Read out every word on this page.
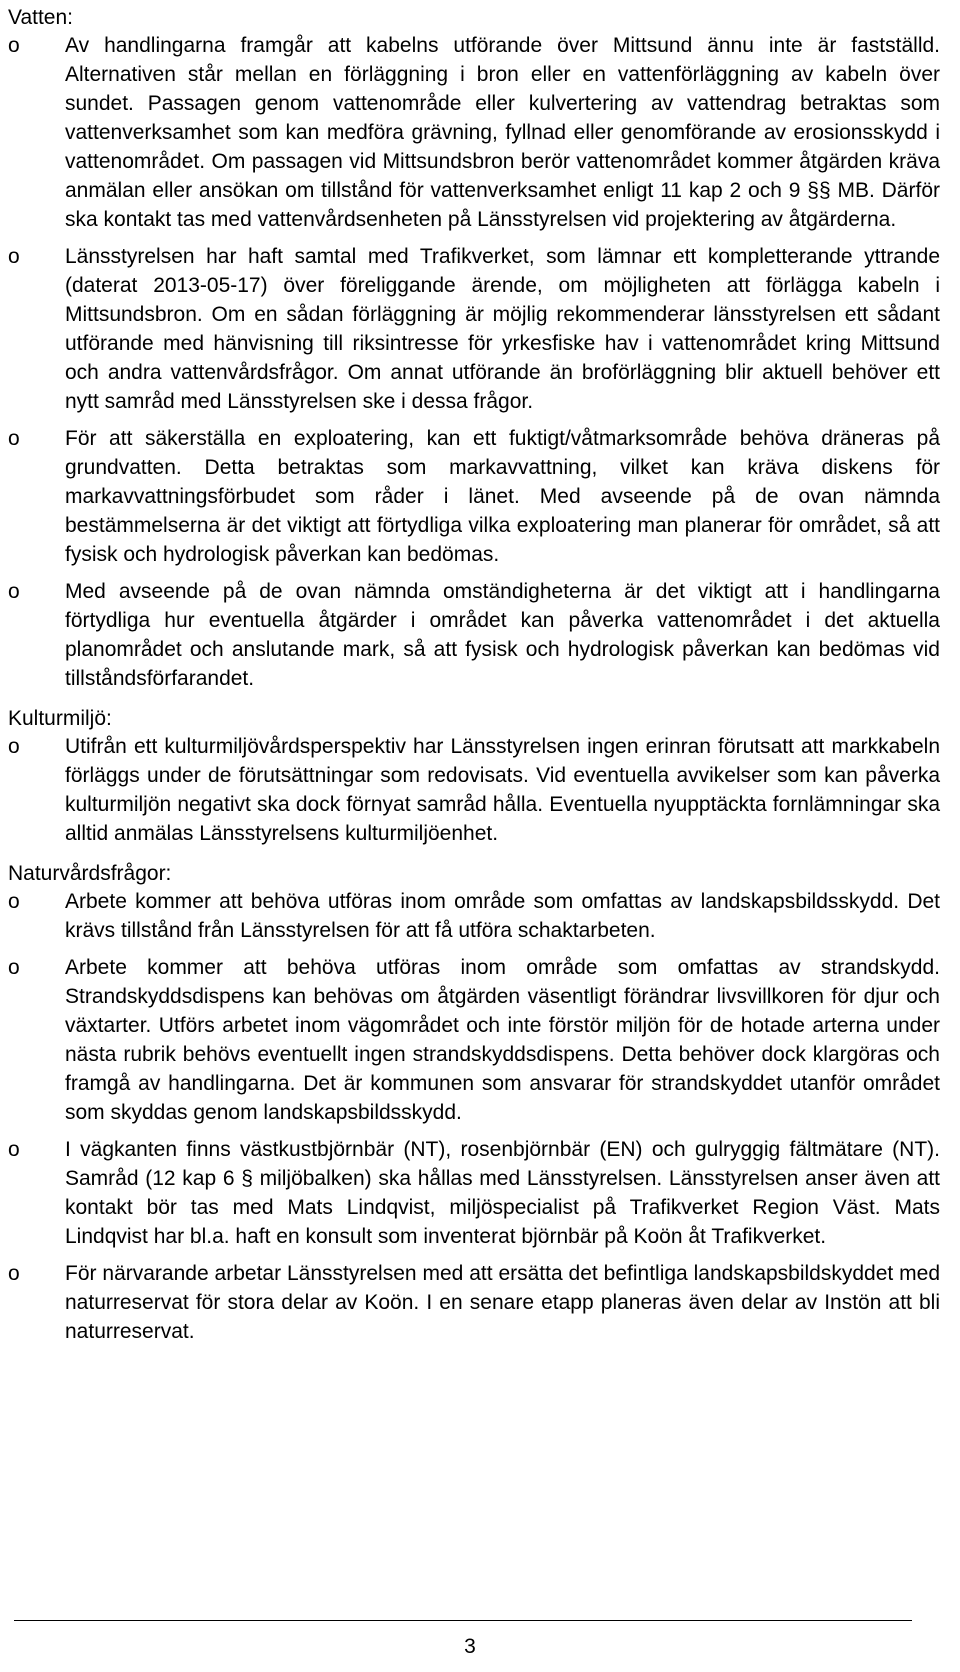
Vatten:
o	Av handlingarna framgår att kabelns utförande över Mittsund ännu inte är fastställd. Alternativen står mellan en förläggning i bron eller en vattenförläggning av kabeln över sundet. Passagen genom vattenområde eller kulvertering av vattendrag betraktas som vattenverksamhet som kan medföra grävning, fyllnad eller genomförande av erosionsskydd i vattenområdet. Om passagen vid Mittsundsbron berör vattenområdet kommer åtgärden kräva anmälan eller ansökan om tillstånd för vattenverksamhet enligt 11 kap 2 och 9 §§ MB. Därför ska kontakt tas med vattenvårdsenheten på Länsstyrelsen vid projektering av åtgärderna.
o	Länsstyrelsen har haft samtal med Trafikverket, som lämnar ett kompletterande yttrande (daterat 2013-05-17) över föreliggande ärende, om möjligheten att förlägga kabeln i Mittsundsbron. Om en sådan förläggning är möjlig rekommenderar länsstyrelsen ett sådant utförande med hänvisning till riksintresse för yrkesfiske hav i vattenområdet kring Mittsund och andra vattenvårdsfrågor. Om annat utförande än broförläggning blir aktuell behöver ett nytt samråd med Länsstyrelsen ske i dessa frågor.
o	För att säkerställa en exploatering, kan ett fuktigt/våtmarksområde behöva dräneras på grundvatten. Detta betraktas som markavvattning, vilket kan kräva diskens för markavvattningsförbudet som råder i länet. Med avseende på de ovan nämnda bestämmelserna är det viktigt att förtydliga vilka exploatering man planerar för området, så att fysisk och hydrologisk påverkan kan bedömas.
o	Med avseende på de ovan nämnda omständigheterna är det viktigt att i handlingarna förtydliga hur eventuella åtgärder i området kan påverka vattenområdet i det aktuella planområdet och anslutande mark, så att fysisk och hydrologisk påverkan kan bedömas vid tillståndsförfarandet.
Kulturmiljö:
o	Utifrån ett kulturmiljövårdsperspektiv har Länsstyrelsen ingen erinran förutsatt att markkabeln förläggs under de förutsättningar som redovisats. Vid eventuella avvikelser som kan påverka kulturmiljön negativt ska dock förnyat samråd hålla. Eventuella nyupptäckta fornlämningar ska alltid anmälas Länsstyrelsens kulturmiljöenhet.
Naturvårdsfrågor:
o	Arbete kommer att behöva utföras inom område som omfattas av landskapsbildsskydd. Det krävs tillstånd från Länsstyrelsen för att få utföra schaktarbeten.
o	Arbete kommer att behöva utföras inom område som omfattas av strandskydd. Strandskyddsdispens kan behövas om åtgärden väsentligt förändrar livsvillkoren för djur och växtarter. Utförs arbetet inom vägområdet och inte förstör miljön för de hotade arterna under nästa rubrik behövs eventuellt ingen strandskyddsdispens. Detta behöver dock klargöras och framgå av handlingarna. Det är kommunen som ansvarar för strandskyddet utanför området som skyddas genom landskapsbildsskydd.
o	I vägkanten finns västkustbjörnbär (NT), rosenbjörnbär (EN) och gulryggig fältmätare (NT). Samråd (12 kap 6 § miljöbalken) ska hållas med Länsstyrelsen. Länsstyrelsen anser även att kontakt bör tas med Mats Lindqvist, miljöspecialist på Trafikverket Region Väst. Mats Lindqvist har bl.a. haft en konsult som inventerat björnbär på Koön åt Trafikverket.
o	För närvarande arbetar Länsstyrelsen med att ersätta det befintliga landskapsbildskyddet med naturreservat för stora delar av Koön. I en senare etapp planeras även delar av Instön att bli naturreservat.
3
